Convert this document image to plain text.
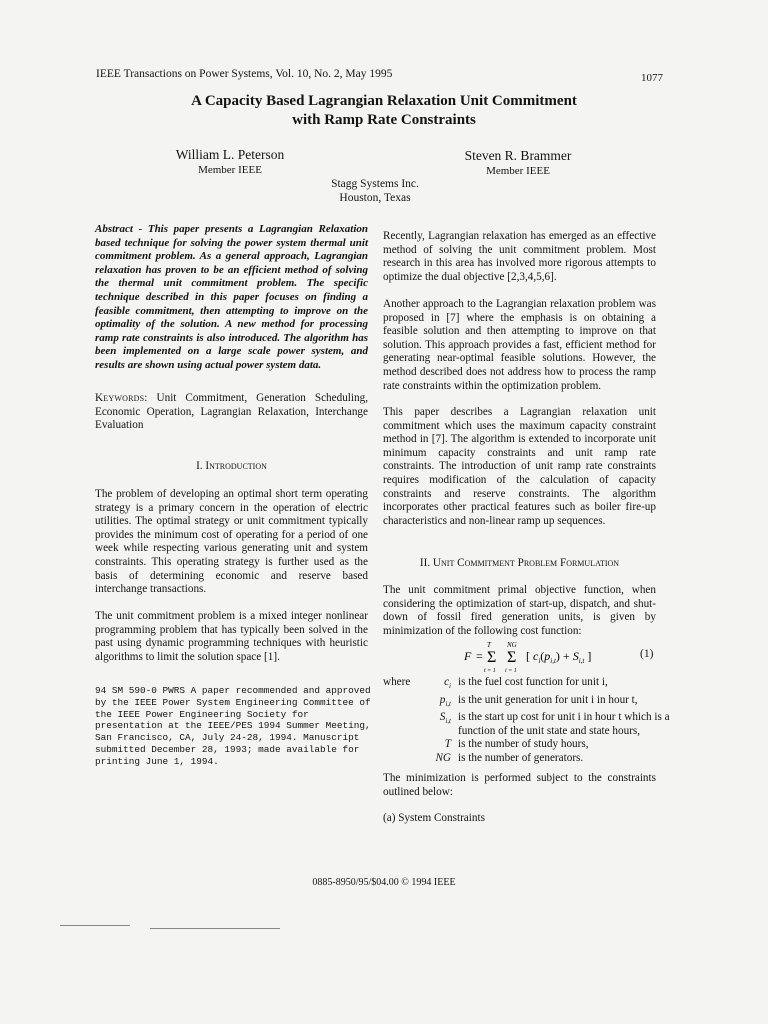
IEEE Transactions on Power Systems, Vol. 10, No. 2, May 1995	1077
A Capacity Based Lagrangian Relaxation Unit Commitment
with Ramp Rate Constraints
William L. Peterson
Member IEEE
Steven R. Brammer
Member IEEE
Stagg Systems Inc.
Houston, Texas
Abstract - This paper presents a Lagrangian Relaxation based technique for solving the power system thermal unit commitment problem. As a general approach, Lagrangian relaxation has proven to be an efficient method of solving the thermal unit commitment problem. The specific technique described in this paper focuses on finding a feasible commitment, then attempting to improve on the optimality of the solution. A new method for processing ramp rate constraints is also introduced. The algorithm has been implemented on a large scale power system, and results are shown using actual power system data.
Keywords: Unit Commitment, Generation Scheduling, Economic Operation, Lagrangian Relaxation, Interchange Evaluation
I. Introduction
The problem of developing an optimal short term operating strategy is a primary concern in the operation of electric utilities. The optimal strategy or unit commitment typically provides the minimum cost of operating for a period of one week while respecting various generating unit and system constraints. This operating strategy is further used as the basis of determining economic and reserve based interchange transactions.
The unit commitment problem is a mixed integer nonlinear programming problem that has typically been solved in the past using dynamic programming techniques with heuristic algorithms to limit the solution space [1].
94 SM 590-0 PWRS A paper recommended and approved by the IEEE Power System Engineering Committee of the IEEE Power Engineering Society for presentation at the IEEE/PES 1994 Summer Meeting, San Francisco, CA, July 24-28, 1994. Manuscript submitted December 28, 1993; made available for printing June 1, 1994.
Recently, Lagrangian relaxation has emerged as an effective method of solving the unit commitment problem. Most research in this area has involved more rigorous attempts to optimize the dual objective [2,3,4,5,6].
Another approach to the Lagrangian relaxation problem was proposed in [7] where the emphasis is on obtaining a feasible solution and then attempting to improve on that solution. This approach provides a fast, efficient method for generating near-optimal feasible solutions. However, the method described does not address how to process the ramp rate constraints within the optimization problem.
This paper describes a Lagrangian relaxation unit commitment which uses the maximum capacity constraint method in [7]. The algorithm is extended to incorporate unit minimum capacity constraints and unit ramp rate constraints. The introduction of unit ramp rate constraints requires modification of the calculation of capacity constraints and reserve constraints. The algorithm incorporates other practical features such as boiler fire-up characteristics and non-linear ramp up sequences.
II. Unit Commitment Problem Formulation
The unit commitment primal objective function, when considering the optimization of start-up, dispatch, and shut-down of fossil fired generation units, is given by minimization of the following cost function:
F =
T
Σ
t = 1
NG
Σ
i = 1
[ $c_i(p_{i,t}) + S_{i,t}$ ]	(1)
where	$c_i$ is the fuel cost function for unit i,
$p_{i,t}$ is the unit generation for unit i in hour t,
$S_{i,t}$ is the start up cost for unit i in hour t which is a function of the unit state and state hours,
T is the number of study hours,
NG is the number of generators.
The minimization is performed subject to the constraints outlined below:
(a) System Constraints
0885-8950/95/$04.00 © 1994 IEEE
